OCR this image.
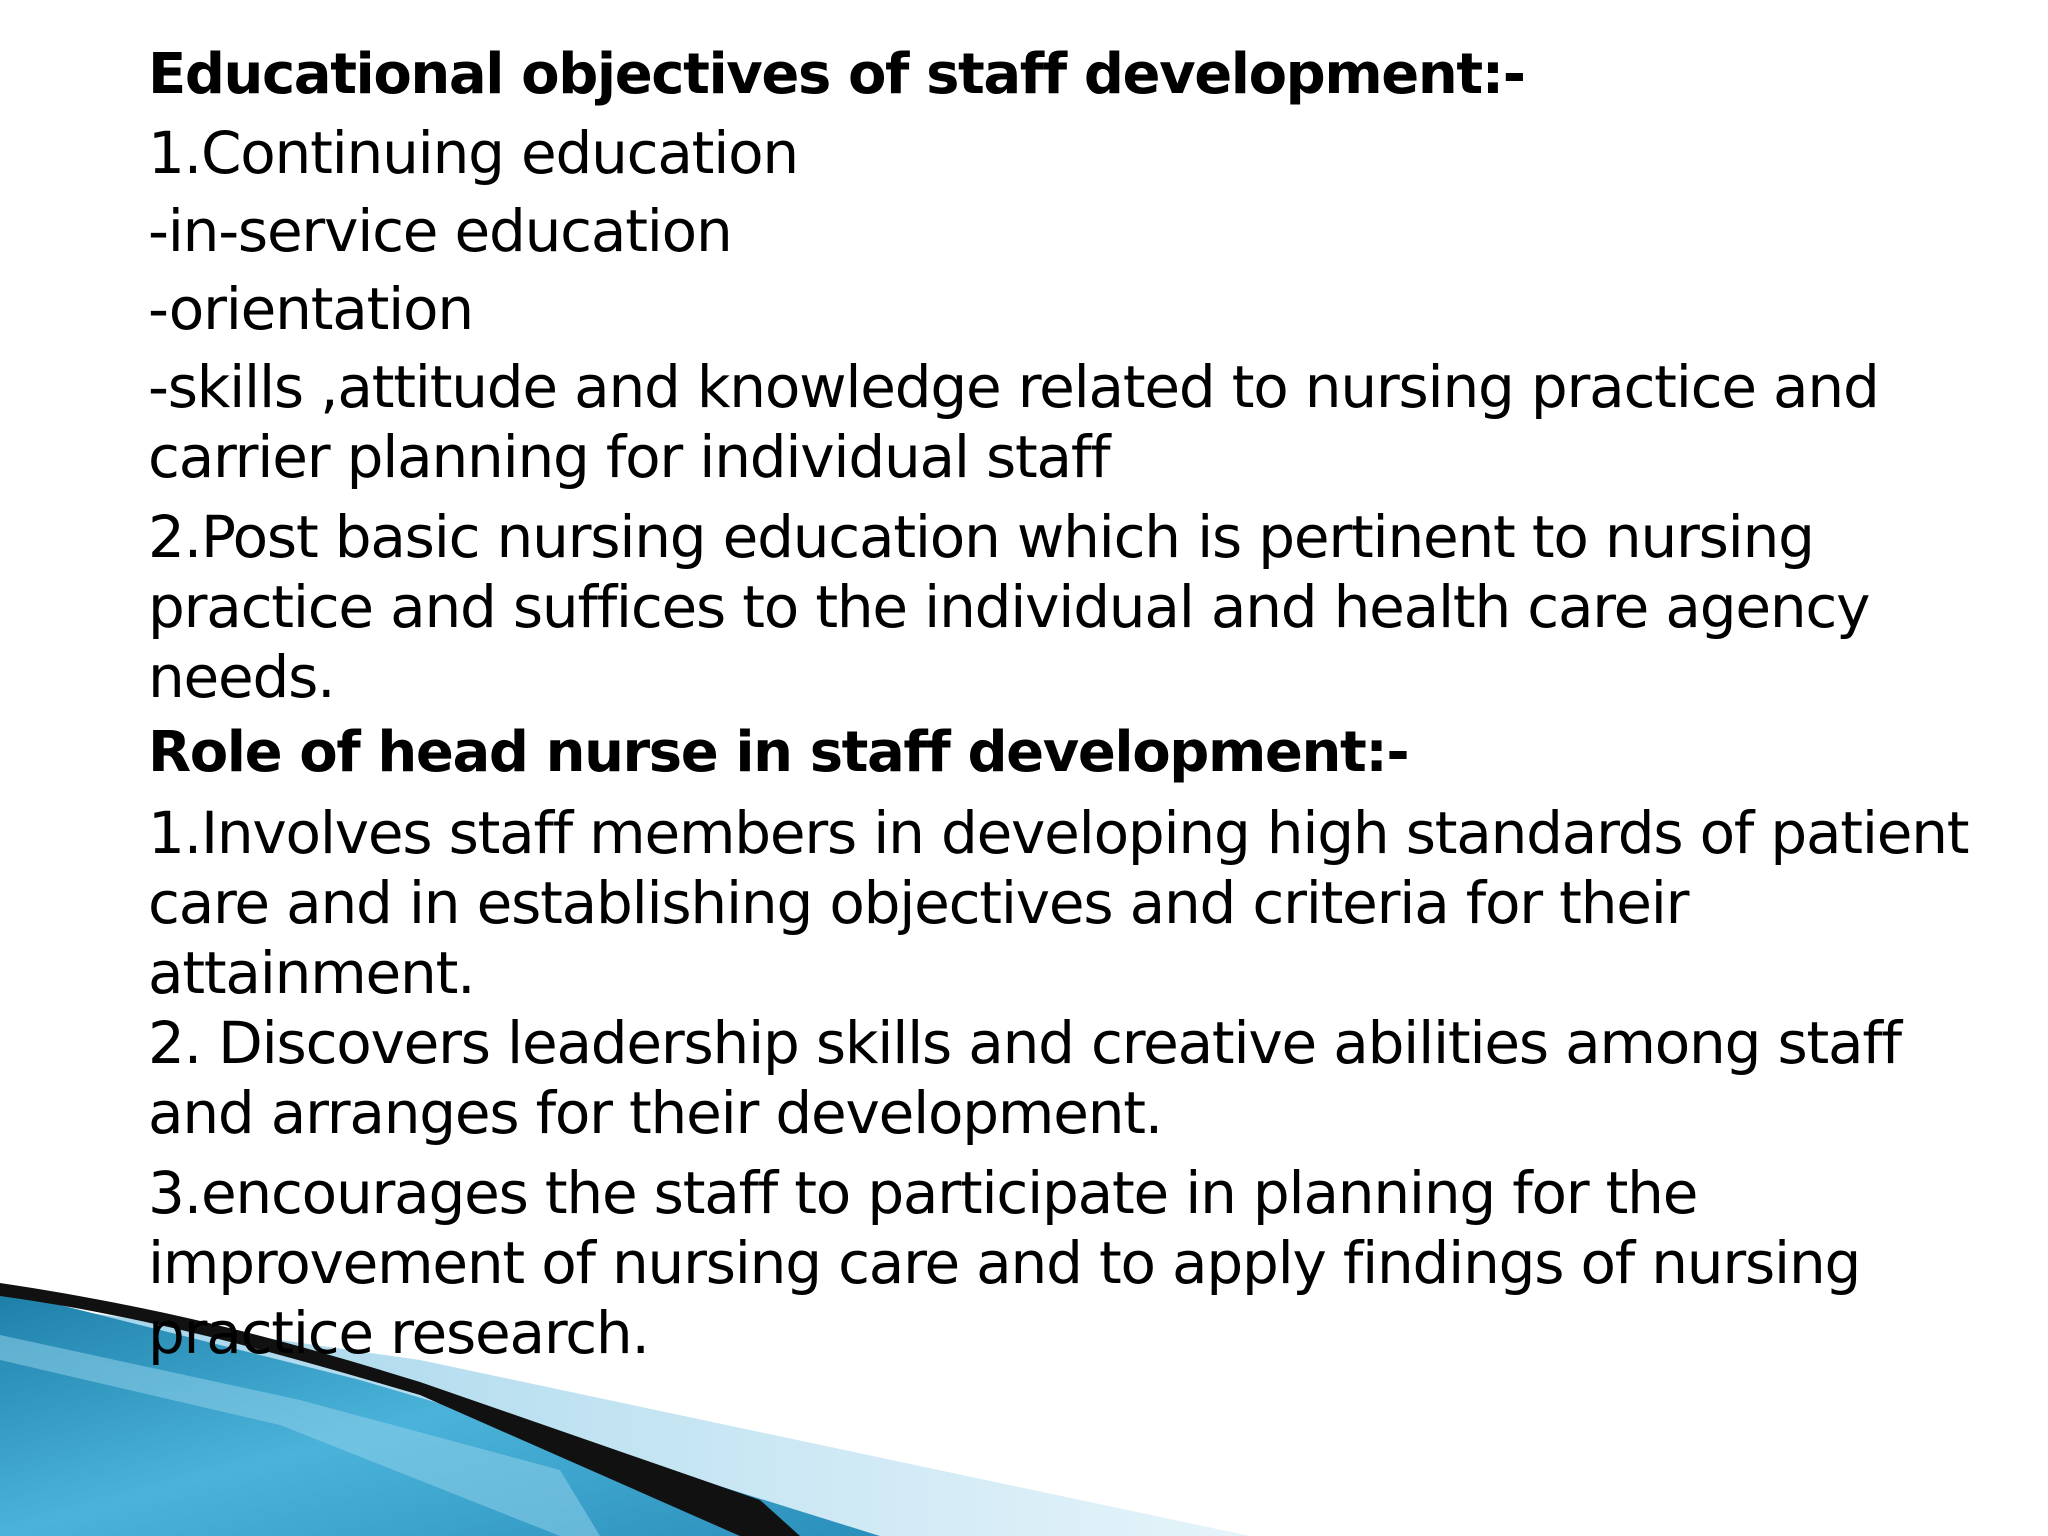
Educational objectives of staff development:-

1.Continuing education

-in-service education

-orientation

-skills ,attitude and knowledge related to nursing practice and

carrier planning for individual staff

2.Post basic nursing education which is pertinent to nursing

practice and suffices to the individual and health care agency

needs.

Role of head nurse in staff development:-

1.Involves staff members in developing high standards of patient

care and in establishing objectives and criteria for their

attainment.

2. Discovers leadership skills and creative abilities among staff

and arranges for their development.

3.encourages the staff to participate in planning for the

improvement of nursing care and to apply findings of nursing

practice research.
